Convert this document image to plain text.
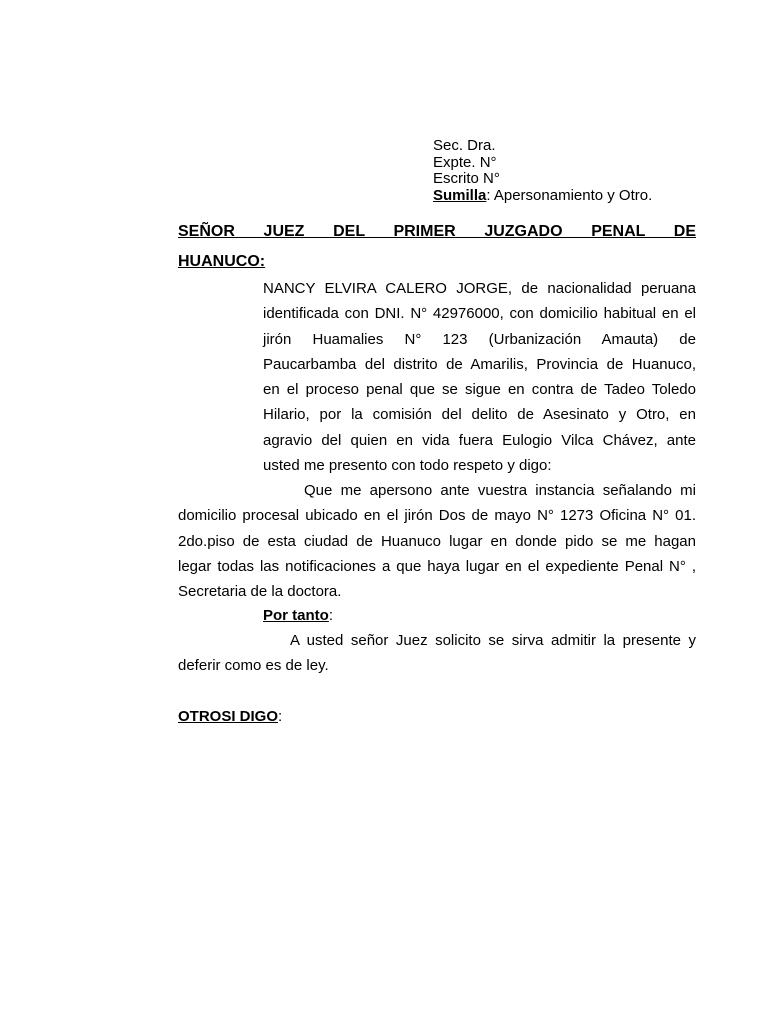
Sec. Dra.
Expte. N°
Escrito N°
Sumilla: Apersonamiento y Otro.
SEÑOR JUEZ DEL PRIMER JUZGADO PENAL DE
HUANUCO:
NANCY ELVIRA CALERO JORGE, de nacionalidad peruana
identificada con DNI. N° 42976000, con domicilio habitual en el
jirón Huamalies N° 123 (Urbanización Amauta) de
Paucarbamba del distrito de Amarilis, Provincia de Huanuco,
en el proceso penal que se sigue en contra de Tadeo Toledo
Hilario, por la comisión del delito de Asesinato y Otro, en
agravio del quien en vida fuera Eulogio Vilca Chávez, ante
usted me presento con todo respeto y digo:
Que me apersono ante vuestra instancia señalando mi
domicilio procesal ubicado en el jirón Dos de mayo N° 1273 Oficina N° 01.
2do.piso de esta ciudad de Huanuco lugar en donde pido se me hagan
legar todas las notificaciones a que haya lugar en el expediente Penal N° ,
Secretaria de la doctora.
Por tanto:
A usted señor Juez solicito se sirva admitir la presente y
deferir como es de ley.
OTROSI DIGO:
